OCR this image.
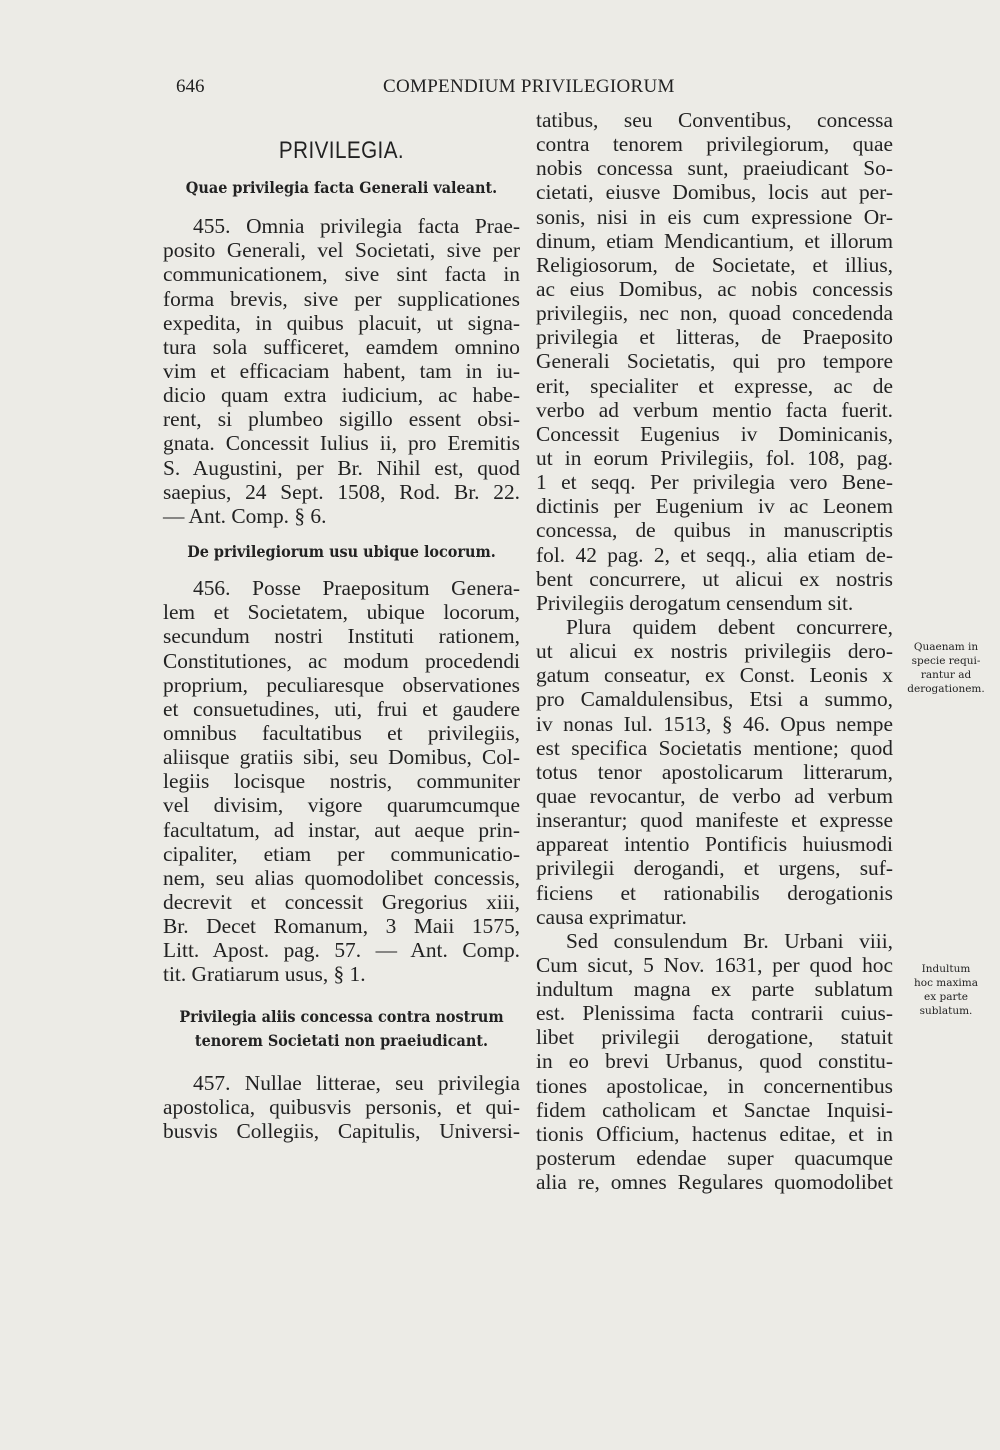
646	COMPENDIUM PRIVILEGIORUM
PRIVILEGIA.
Quae privilegia facta Generali valeant.
455. Omnia privilegia facta Prae-
posito Generali, vel Societati, sive per
communicationem, sive sint facta in
forma brevis, sive per supplicationes
expedita, in quibus placuit, ut signa-
tura sola sufficeret, eamdem omnino
vim et efficaciam habent, tam in iu-
dicio quam extra iudicium, ac habe-
rent, si plumbeo sigillo essent obsi-
gnata. Concessit Iulius ii, pro Eremitis
S. Augustini, per Br. Nihil est, quod
saepius, 24 Sept. 1508, Rod. Br. 22.
— Ant. Comp. § 6.
De privilegiorum usu ubique locorum.
456. Posse Praepositum Genera-
lem et Societatem, ubique locorum,
secundum nostri Instituti rationem,
Constitutiones, ac modum procedendi
proprium, peculiaresque observationes
et consuetudines, uti, frui et gaudere
omnibus facultatibus et privilegiis,
aliisque gratiis sibi, seu Domibus, Col-
legiis locisque nostris, communiter
vel divisim, vigore quarumcumque
facultatum, ad instar, aut aeque prin-
cipaliter, etiam per communicatio-
nem, seu alias quomodolibet concessis,
decrevit et concessit Gregorius xiii,
Br. Decet Romanum, 3 Maii 1575,
Litt. Apost. pag. 57. — Ant. Comp.
tit. Gratiarum usus, § 1.
Privilegia aliis concessa contra nostrum
tenorem Societati non praeiudicant.
457. Nullae litterae, seu privilegia
apostolica, quibusvis personis, et qui-
busvis Collegiis, Capitulis, Universi-
tatibus, seu Conventibus, concessa
contra tenorem privilegiorum, quae
nobis concessa sunt, praeiudicant So-
cietati, eiusve Domibus, locis aut per-
sonis, nisi in eis cum expressione Or-
dinum, etiam Mendicantium, et illorum
Religiosorum, de Societate, et illius,
ac eius Domibus, ac nobis concessis
privilegiis, nec non, quoad concedenda
privilegia et litteras, de Praeposito
Generali Societatis, qui pro tempore
erit, specialiter et expresse, ac de
verbo ad verbum mentio facta fuerit.
Concessit Eugenius iv Dominicanis,
ut in eorum Privilegiis, fol. 108, pag.
1 et seqq. Per privilegia vero Bene-
dictinis per Eugenium iv ac Leonem
concessa, de quibus in manuscriptis
fol. 42 pag. 2, et seqq., alia etiam de-
bent concurrere, ut alicui ex nostris
Privilegiis derogatum censendum sit.
Plura quidem debent concurrere,
ut alicui ex nostris privilegiis dero-
gatum conseatur, ex Const. Leonis x
pro Camaldulensibus, Etsi a summo,
iv nonas Iul. 1513, § 46. Opus nempe
est specifica Societatis mentione; quod
totus tenor apostolicarum litterarum,
quae revocantur, de verbo ad verbum
inserantur; quod manifeste et expresse
appareat intentio Pontificis huiusmodi
privilegii derogandi, et urgens, suf-
ficiens et rationabilis derogationis
causa exprimatur.
Sed consulendum Br. Urbani viii,
Cum sicut, 5 Nov. 1631, per quod hoc
indultum magna ex parte sublatum
est. Plenissima facta contrarii cuius-
libet privilegii derogatione, statuit
in eo brevi Urbanus, quod constitu-
tiones apostolicae, in concernentibus
fidem catholicam et Sanctae Inquisi-
tionis Officium, hactenus editae, et in
posterum edendae super quacumque
alia re, omnes Regulares quomodolibet
Quaenam in
specie requi-
rantur ad
derogationem.
Indultum
hoc maxima
ex parte
sublatum.
